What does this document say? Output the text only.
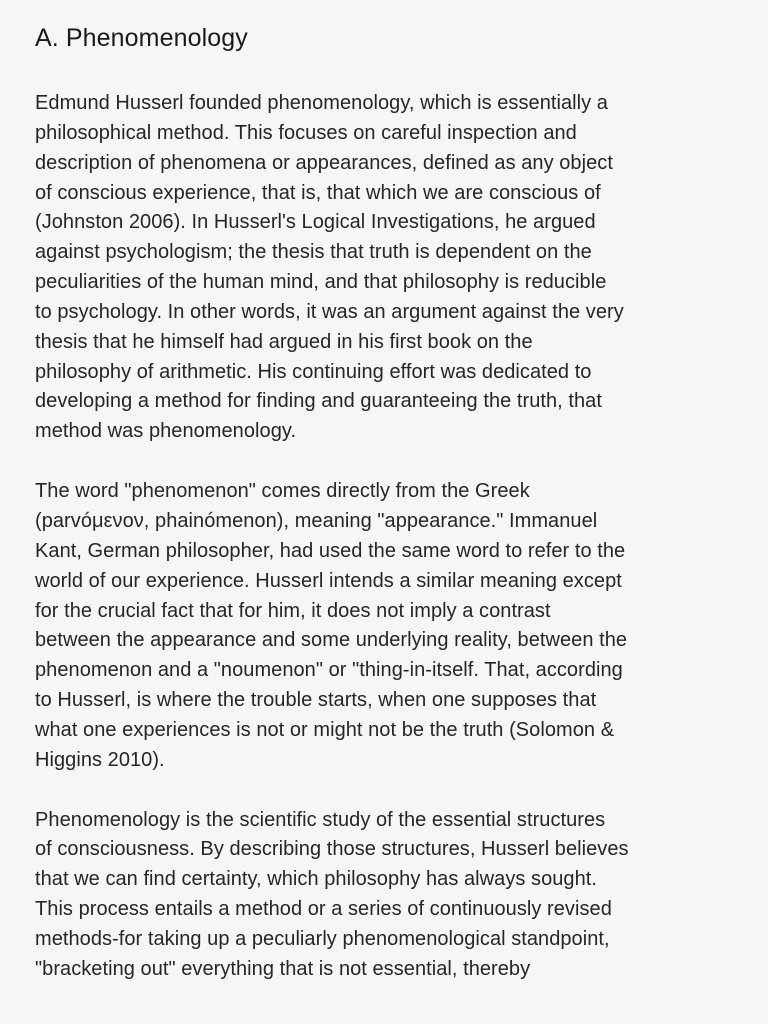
A. Phenomenology

Edmund Husserl founded phenomenology, which is essentially a
philosophical method. This focuses on careful inspection and
description of phenomena or appearances, defined as any object
of conscious experience, that is, that which we are conscious of
(Johnston 2006). In Husserl's Logical Investigations, he argued
against psychologism; the thesis that truth is dependent on the
peculiarities of the human mind, and that philosophy is reducible
to psychology. In other words, it was an argument against the very
thesis that he himself had argued in his first book on the
philosophy of arithmetic. His continuing effort was dedicated to
developing a method for finding and guaranteeing the truth, that
method was phenomenology.

The word "phenomenon" comes directly from the Greek
(parvóμενον, phainómenon), meaning "appearance." Immanuel
Kant, German philosopher, had used the same word to refer to the
world of our experience. Husserl intends a similar meaning except
for the crucial fact that for him, it does not imply a contrast
between the appearance and some underlying reality, between the
phenomenon and a "noumenon" or "thing-in-itself. That, according
to Husserl, is where the trouble starts, when one supposes that
what one experiences is not or might not be the truth (Solomon &
Higgins 2010).

Phenomenology is the scientific study of the essential structures
of consciousness. By describing those structures, Husserl believes
that we can find certainty, which philosophy has always sought.
This process entails a method or a series of continuously revised
methods-for taking up a peculiarly phenomenological standpoint,
"bracketing out" everything that is not essential, thereby
